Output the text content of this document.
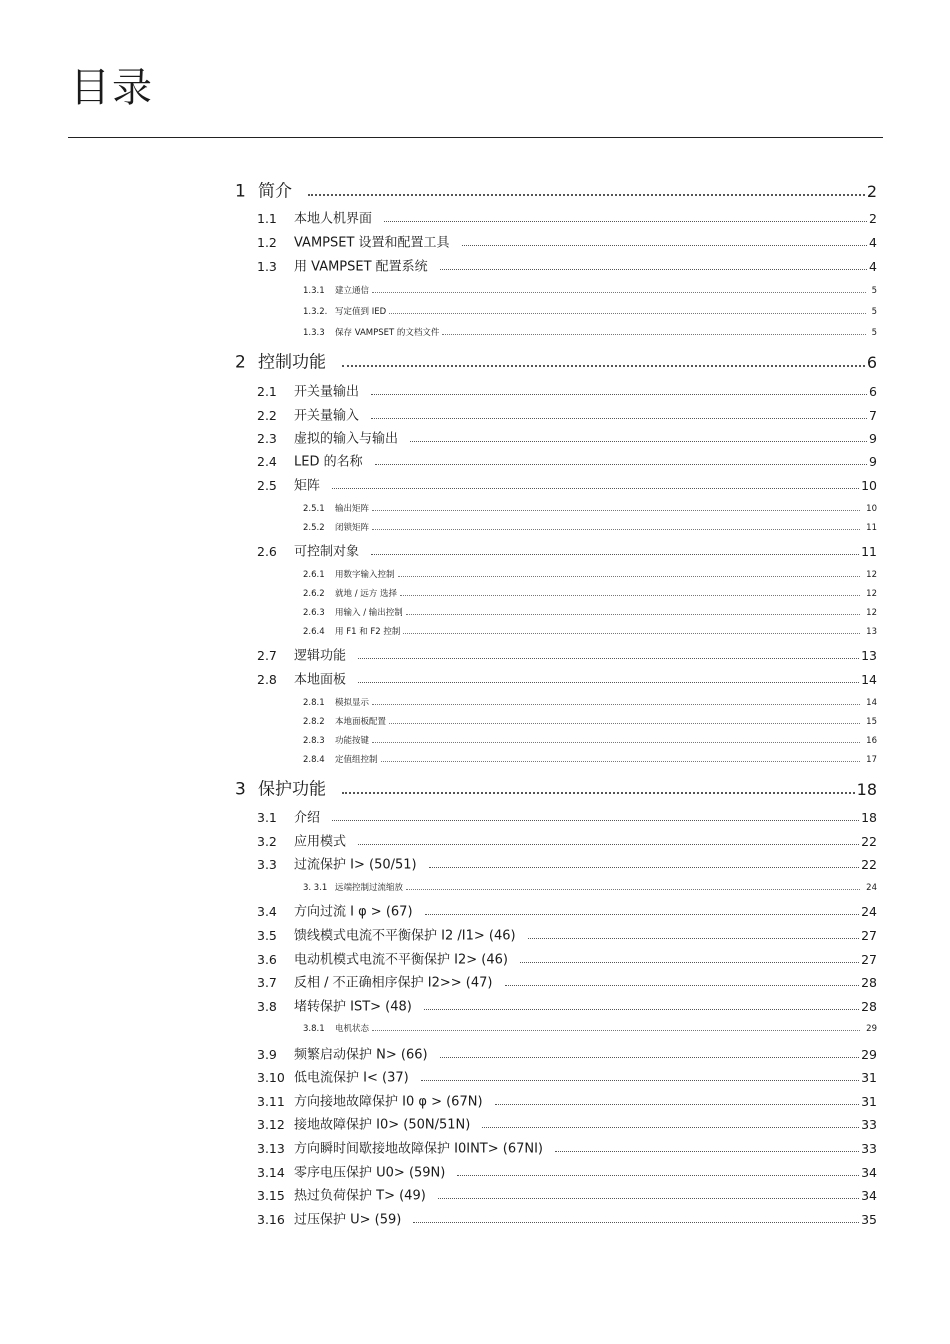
目录
1 简介	2
1.1 本地人机界面	2
1.2 VAMPSET 设置和配置工具	4
1.3 用 VAMPSET 配置系统	4
1.3.1 建立通信	5
1.3.2. 写定值到 IED	5
1.3.3 保存 VAMPSET 的文档文件	5
2 控制功能	6
2.1 开关量输出	6
2.2 开关量输入	7
2.3 虚拟的输入与输出	9
2.4 LED 的名称	9
2.5 矩阵	10
2.5.1 输出矩阵	10
2.5.2 闭锁矩阵	11
2.6 可控制对象	11
2.6.1 用数字输入控制	12
2.6.2 就地 / 远方 选择	12
2.6.3 用输入 / 输出控制	12
2.6.4 用 F1 和 F2 控制	13
2.7 逻辑功能	13
2.8 本地面板	14
2.8.1 模拟显示	14
2.8.2 本地面板配置	15
2.8.3 功能按键	16
2.8.4 定值组控制	17
3 保护功能	18
3.1 介绍	18
3.2 应用模式	22
3.3 过流保护 I> (50/51)	22
3. 3.1 远端控制过流缩放	24
3.4 方向过流 I φ > (67)	24
3.5 馈线模式电流不平衡保护 I2 /I1> (46)	27
3.6 电动机模式电流不平衡保护 I2> (46)	27
3.7 反相 / 不正确相序保护 I2>> (47)	28
3.8 堵转保护 IST> (48)	28
3.8.1 电机状态	29
3.9 频繁启动保护 N> (66)	29
3.10 低电流保护 I< (37)	31
3.11 方向接地故障保护 I0 φ > (67N)	31
3.12 接地故障保护 I0> (50N/51N)	33
3.13 方向瞬时间歇接地故障保护 I0INT> (67NI)	33
3.14 零序电压保护 U0> (59N)	34
3.15 热过负荷保护 T> (49)	34
3.16 过压保护 U> (59)	35
